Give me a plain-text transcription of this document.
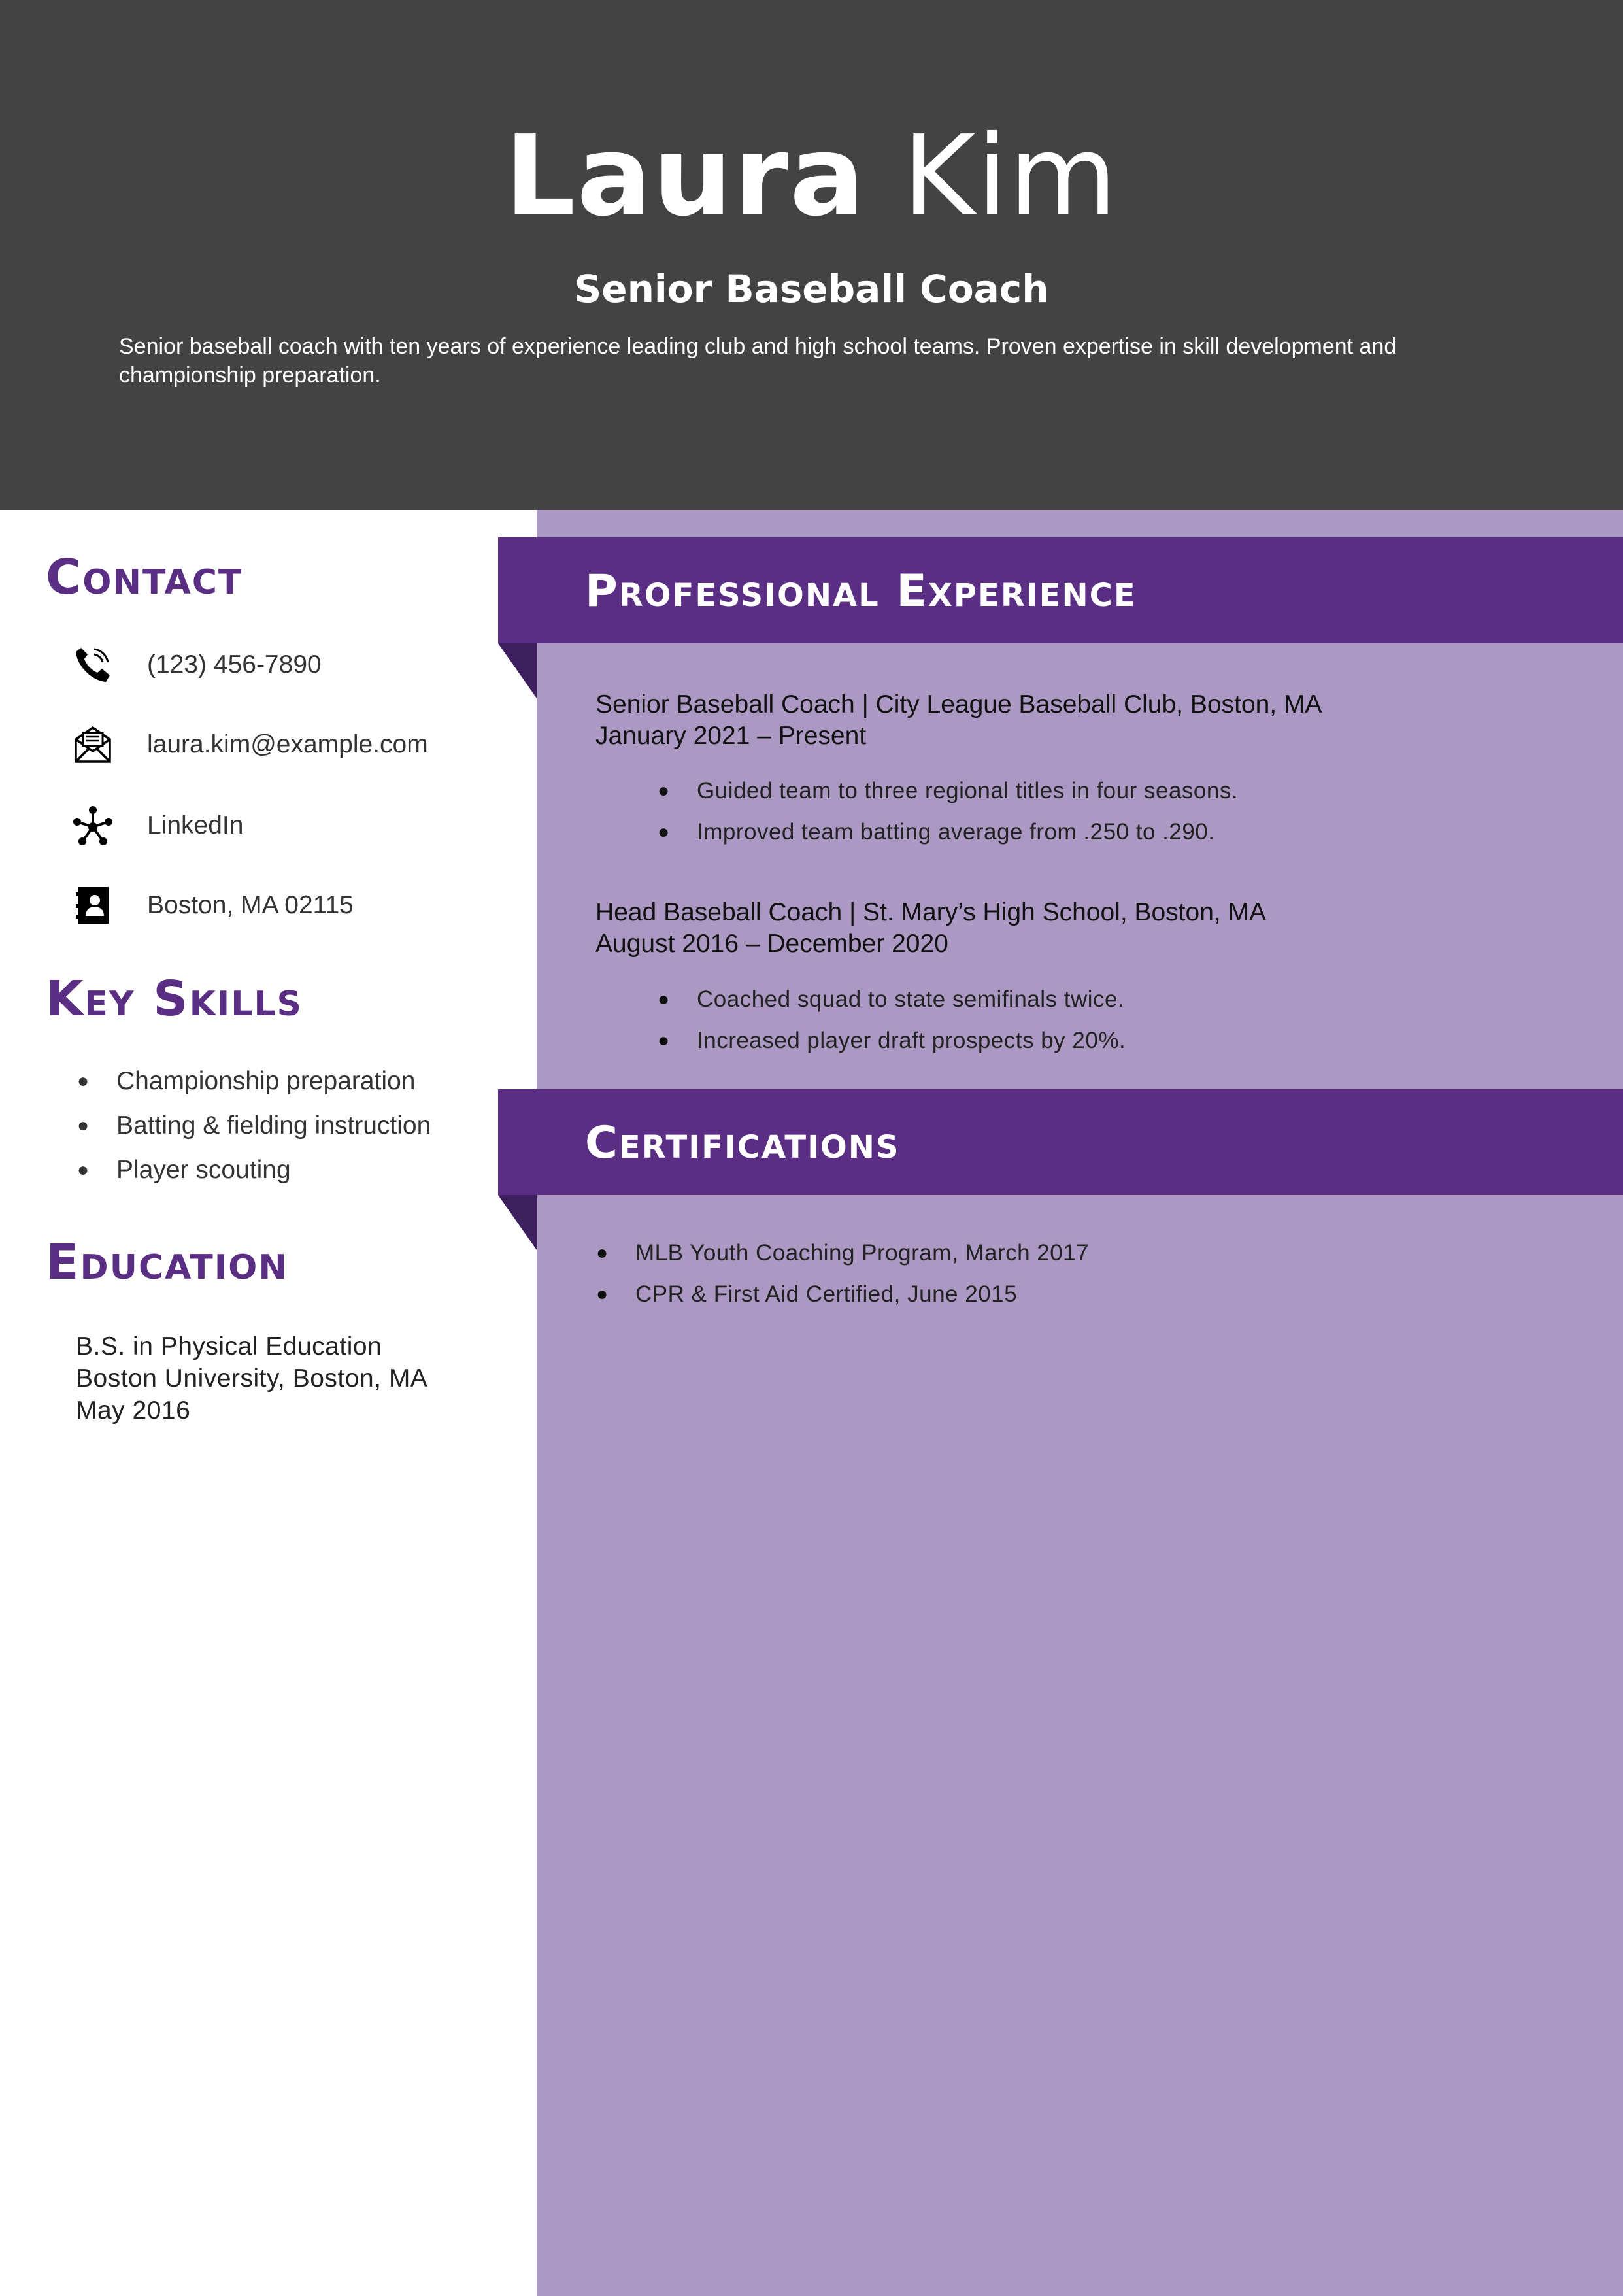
Laura Kim
Senior Baseball Coach
Senior baseball coach with ten years of experience leading club and high school teams. Proven expertise in skill development and championship preparation.
Professional Experience
Senior Baseball Coach | City League Baseball Club, Boston, MA
January 2021 – Present
● Guided team to three regional titles in four seasons.
● Improved team batting average from .250 to .290.
Head Baseball Coach | St. Mary’s High School, Boston, MA
August 2016 – December 2020
● Coached squad to state semifinals twice.
● Increased player draft prospects by 20%.
Certifications
● MLB Youth Coaching Program, March 2017
● CPR & First Aid Certified, June 2015
Contact
(123) 456-7890
laura.kim@example.com
LinkedIn
Boston, MA 02115
Key Skills
● Championship preparation
● Batting & fielding instruction
● Player scouting
Education
B.S. in Physical Education
Boston University, Boston, MA
May 2016
